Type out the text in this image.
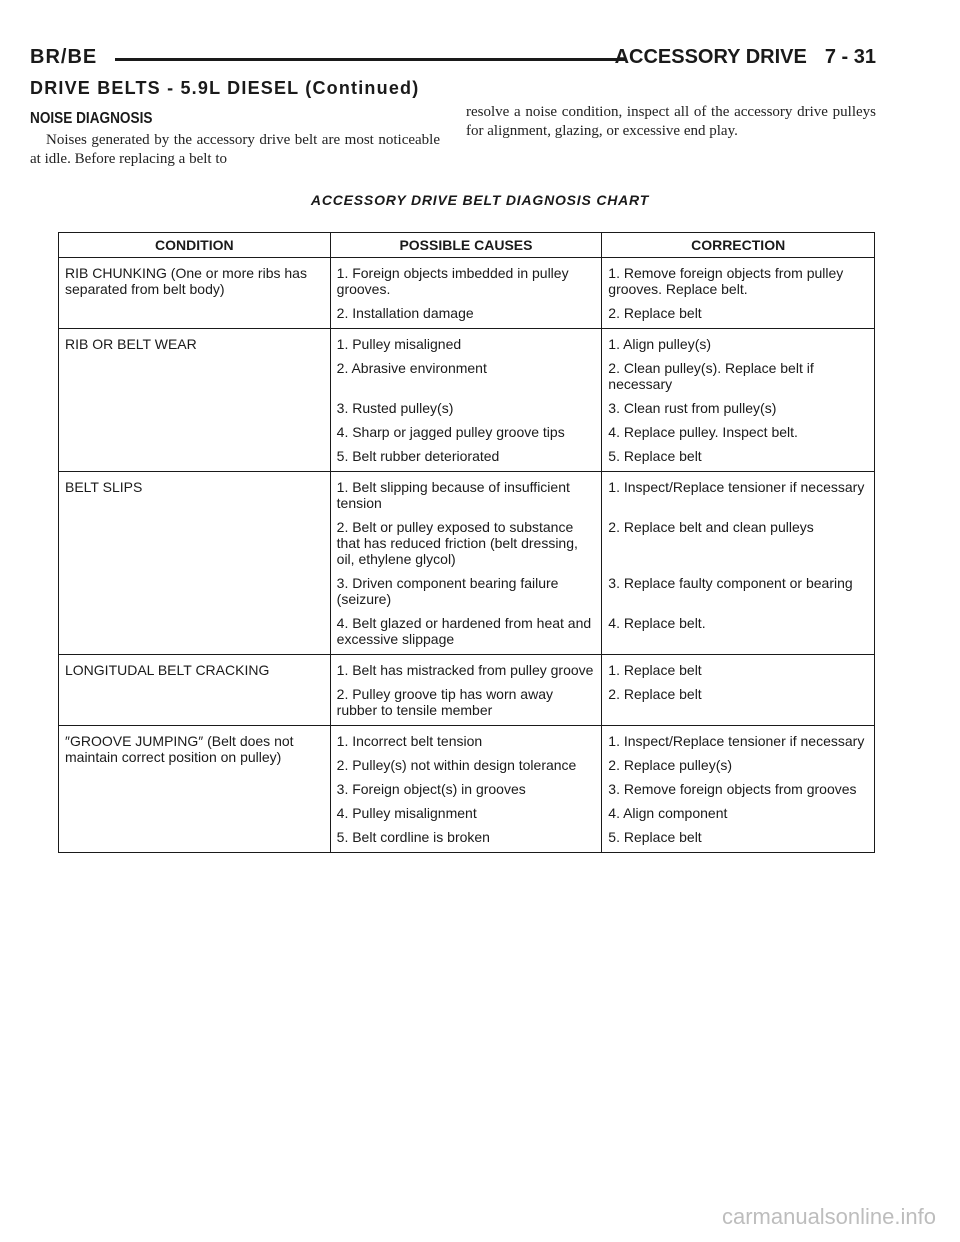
BR/BE	ACCESSORY DRIVE 7 - 31
DRIVE BELTS - 5.9L DIESEL (Continued)
NOISE DIAGNOSIS
Noises generated by the accessory drive belt are most noticeable at idle. Before replacing a belt to
resolve a noise condition, inspect all of the accessory drive pulleys for alignment, glazing, or excessive end play.
ACCESSORY DRIVE BELT DIAGNOSIS CHART
CONDITION	POSSIBLE CAUSES	CORRECTION
RIB CHUNKING (One or more ribs has separated from belt body)	1. Foreign objects imbedded in pulley grooves.	1. Remove foreign objects from pulley grooves. Replace belt.
	2. Installation damage	2. Replace belt
RIB OR BELT WEAR	1. Pulley misaligned	1. Align pulley(s)
	2. Abrasive environment	2. Clean pulley(s). Replace belt if necessary
	3. Rusted pulley(s)	3. Clean rust from pulley(s)
	4. Sharp or jagged pulley groove tips	4. Replace pulley. Inspect belt.
	5. Belt rubber deteriorated	5. Replace belt
BELT SLIPS	1. Belt slipping because of insufficient tension	1. Inspect/Replace tensioner if necessary
	2. Belt or pulley exposed to substance that has reduced friction (belt dressing, oil, ethylene glycol)	2. Replace belt and clean pulleys
	3. Driven component bearing failure (seizure)	3. Replace faulty component or bearing
	4. Belt glazed or hardened from heat and excessive slippage	4. Replace belt.
LONGITUDAL BELT CRACKING	1. Belt has mistracked from pulley groove	1. Replace belt
	2. Pulley groove tip has worn away rubber to tensile member	2. Replace belt
″GROOVE JUMPING″ (Belt does not maintain correct position on pulley)	1. Incorrect belt tension	1. Inspect/Replace tensioner if necessary
	2. Pulley(s) not within design tolerance	2. Replace pulley(s)
	3. Foreign object(s) in grooves	3. Remove foreign objects from grooves
	4. Pulley misalignment	4. Align component
	5. Belt cordline is broken	5. Replace belt
carmanualsonline.info
